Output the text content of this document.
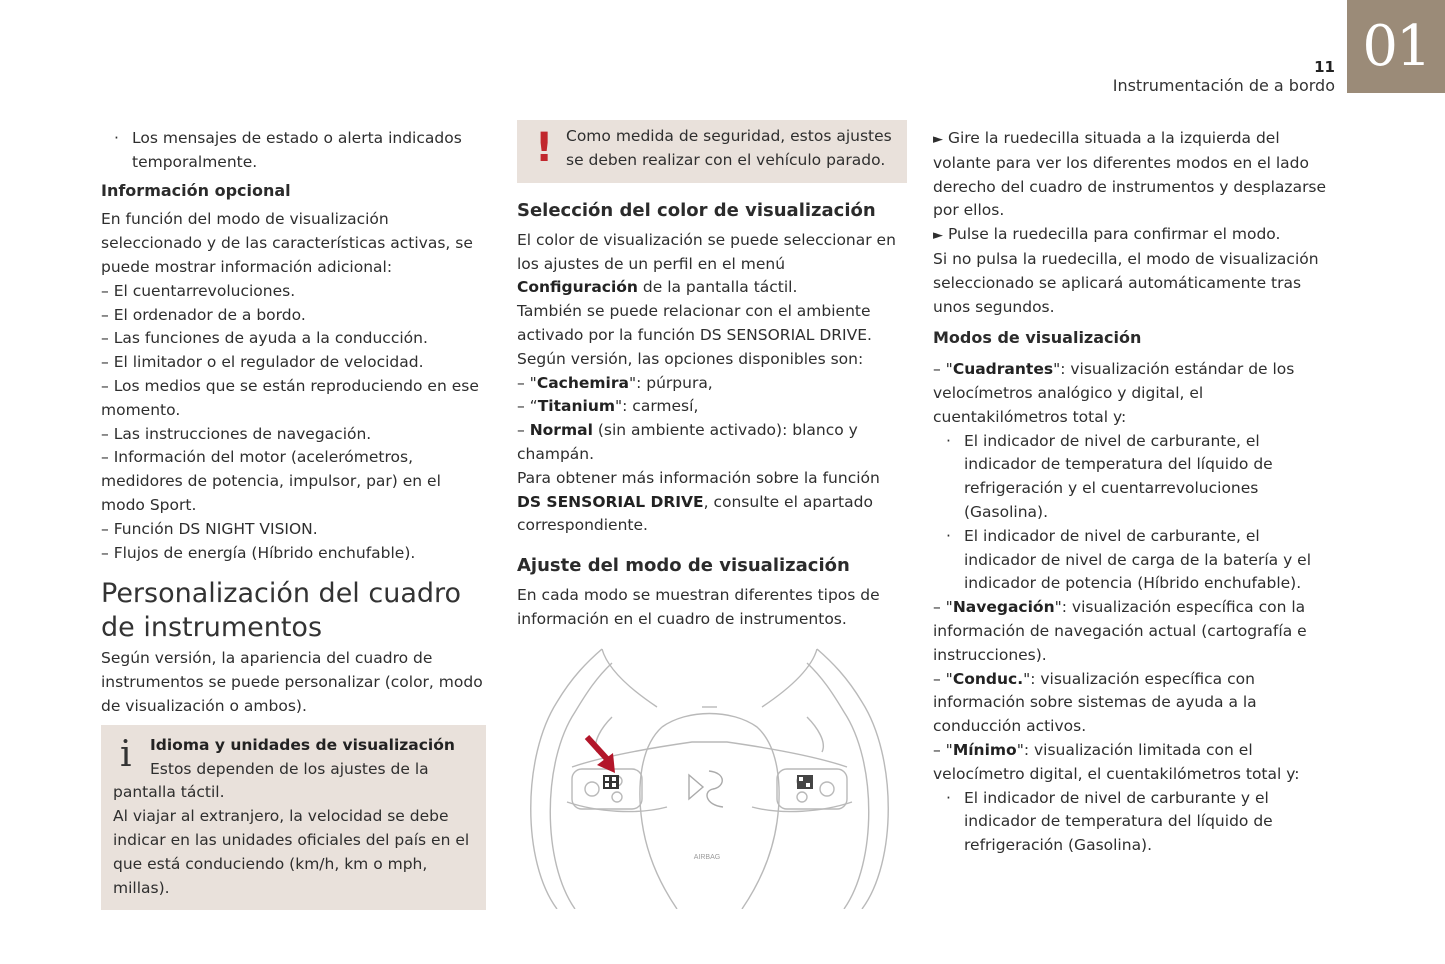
01
11
Instrumentación de a bordo
· Los mensajes de estado o alerta indicados temporalmente.

Información opcional

En función del modo de visualización seleccionado y de las características activas, se puede mostrar información adicional:

– El cuentarrevoluciones.

– El ordenador de a bordo.

– Las funciones de ayuda a la conducción.

– El limitador o el regulador de velocidad.

– Los medios que se están reproduciendo en ese momento.

– Las instrucciones de navegación.

– Información del motor (acelerómetros, medidores de potencia, impulsor, par) en el modo Sport.

– Función DS NIGHT VISION.

– Flujos de energía (Híbrido enchufable).

Personalización del cuadro de instrumentos

Según versión, la apariencia del cuadro de instrumentos se puede personalizar (color, modo de visualización o ambos).

i	Idioma y unidades de visualización

Estos dependen de los ajustes de la pantalla táctil.

Al viajar al extranjero, la velocidad se debe indicar en las unidades oficiales del país en el que está conduciendo (km/h, km o mph, millas).

! Como medida de seguridad, estos ajustes se deben realizar con el vehículo parado.

Selección del color de visualización

El color de visualización se puede seleccionar en los ajustes de un perfil en el menú Configuración de la pantalla táctil.

También se puede relacionar con el ambiente activado por la función DS SENSORIAL DRIVE.

Según versión, las opciones disponibles son:

– "Cachemira": púrpura,

– “Titanium": carmesí,

– Normal (sin ambiente activado): blanco y champán.

Para obtener más información sobre la función DS SENSORIAL DRIVE, consulte el apartado correspondiente.

Ajuste del modo de visualización

En cada modo se muestran diferentes tipos de información en el cuadro de instrumentos.

AIRBAG

► Gire la ruedecilla situada a la izquierda del volante para ver los diferentes modos en el lado derecho del cuadro de instrumentos y desplazarse por ellos.

► Pulse la ruedecilla para confirmar el modo.

Si no pulsa la ruedecilla, el modo de visualización seleccionado se aplicará automáticamente tras unos segundos.

Modos de visualización

– "Cuadrantes": visualización estándar de los velocímetros analógico y digital, el cuentakilómetros total y:

· El indicador de nivel de carburante, el indicador de temperatura del líquido de refrigeración y el cuentarrevoluciones (Gasolina).
· El indicador de nivel de carburante, el indicador de nivel de carga de la batería y el indicador de potencia (Híbrido enchufable).

– "Navegación": visualización específica con la información de navegación actual (cartografía e instrucciones).

– "Conduc.": visualización específica con información sobre sistemas de ayuda a la conducción activos.

– "Mínimo": visualización limitada con el velocímetro digital, el cuentakilómetros total y:

· El indicador de nivel de carburante y el indicador de temperatura del líquido de refrigeración (Gasolina).
